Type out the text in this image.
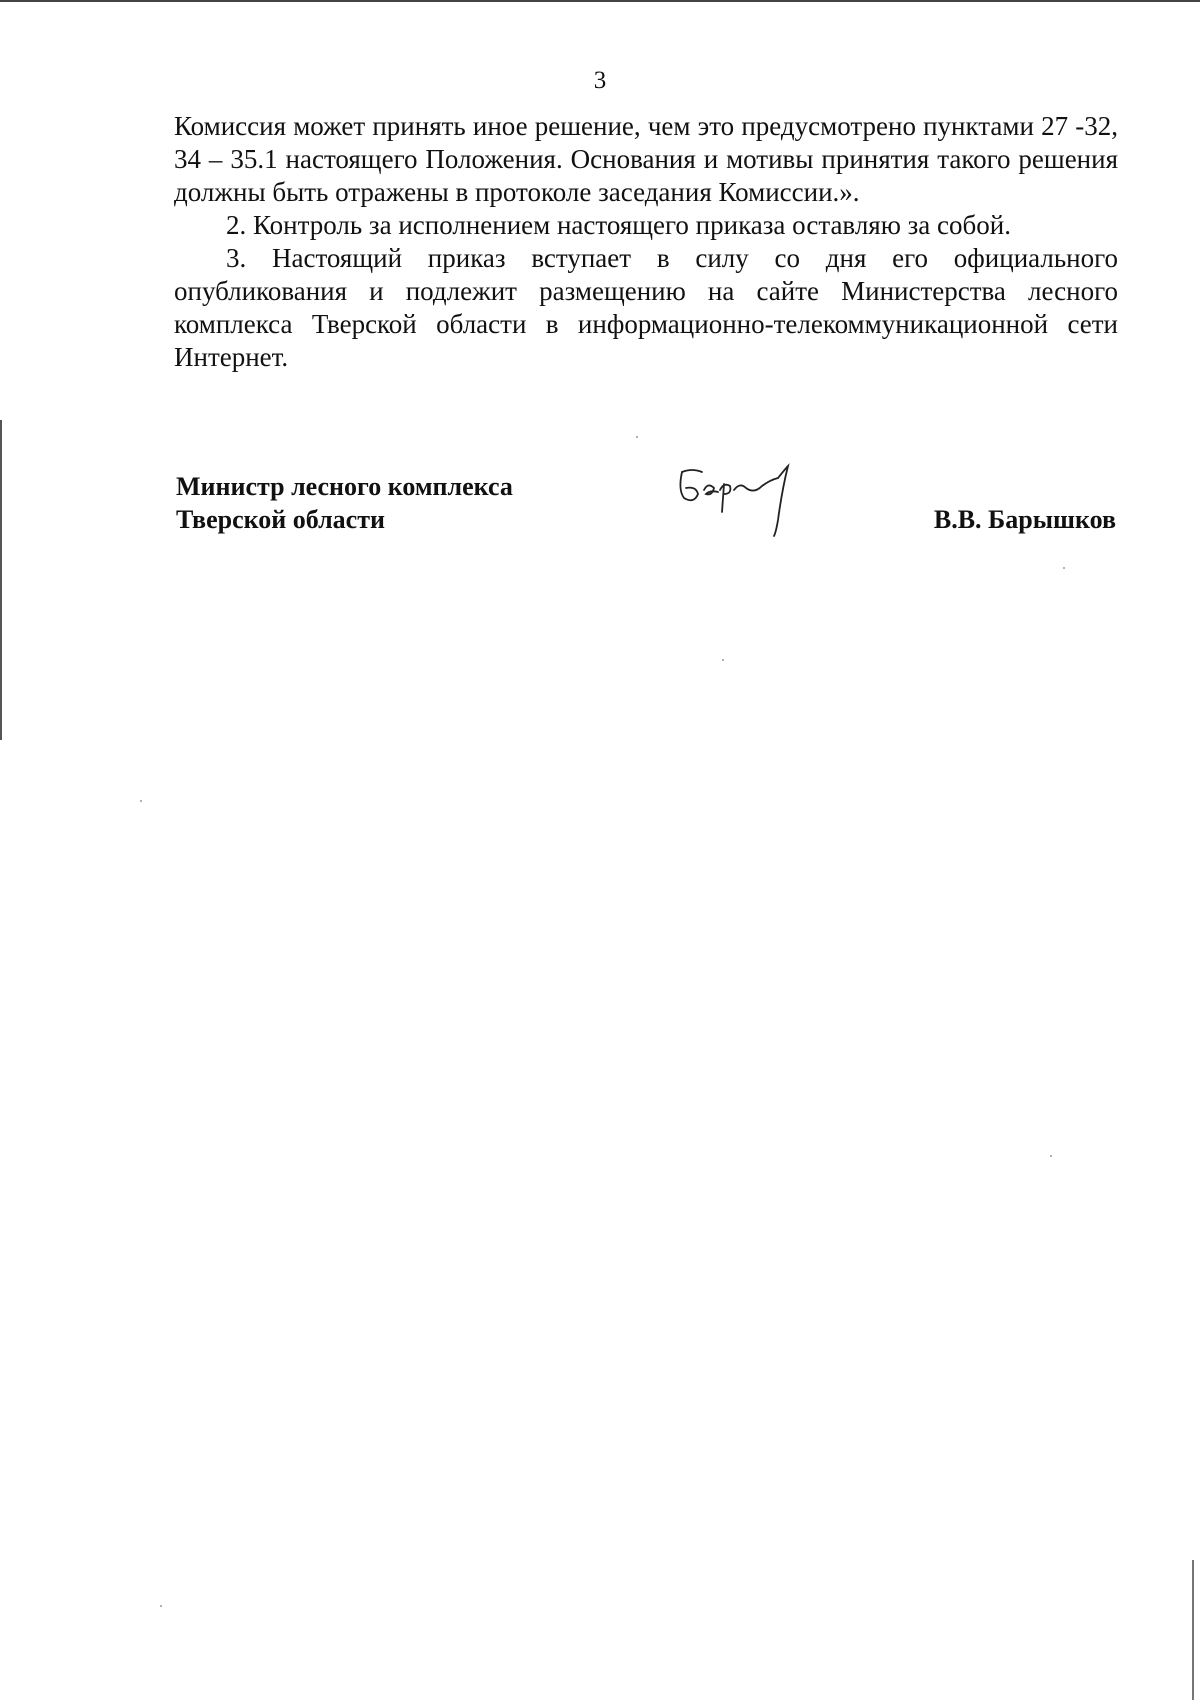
3

Комиссия может принять иное решение, чем это предусмотрено пунктами 27 -32, 34 – 35.1 настоящего Положения. Основания и мотивы принятия такого решения должны быть отражены в протоколе заседания Комиссии.».

2. Контроль за исполнением настоящего приказа оставляю за собой.

3. Настоящий приказ вступает в силу со дня его официального опубликования и подлежит размещению на сайте Министерства лесного комплекса Тверской области в информационно-телекоммуникационной сети Интернет.

Министр лесного комплекса
Тверской области	В.В. Барышков
